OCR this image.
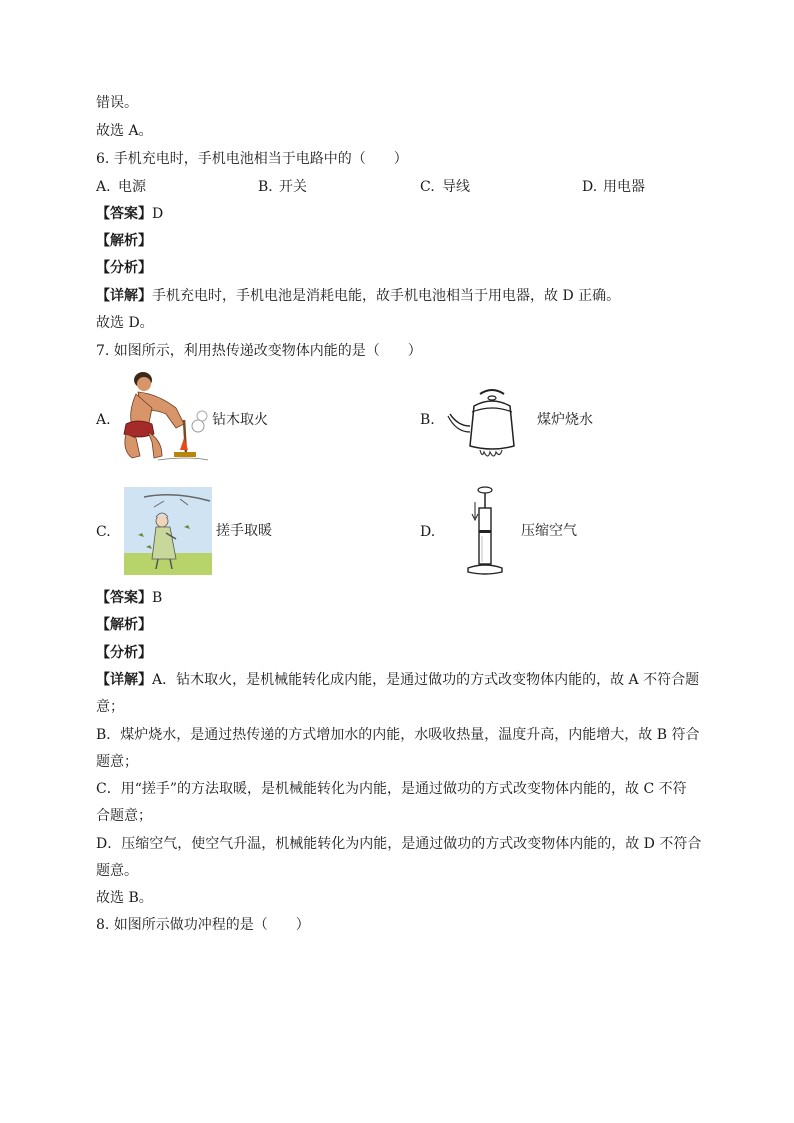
错误。
故选 A。
6. 手机充电时，手机电池相当于电路中的（　　）
A. 电源	B. 开关	C. 导线	D. 用电器
【答案】D
【解析】
【分析】
【详解】手机充电时，手机电池是消耗电能，故手机电池相当于用电器，故 D 正确。
故选 D。
7. 如图所示，利用热传递改变物体内能的是（　　）
A.	钻木取火	B.	煤炉烧水
C.	搓手取暖	D.	压缩空气
【答案】B
【解析】
【分析】
【详解】A．钻木取火，是机械能转化成内能，是通过做功的方式改变物体内能的，故 A 不符合题
意；
B．煤炉烧水，是通过热传递的方式增加水的内能，水吸收热量，温度升高，内能增大，故 B 符合
题意；
C．用“搓手”的方法取暖，是机械能转化为内能，是通过做功的方式改变物体内能的，故 C 不符
合题意；
D．压缩空气，使空气升温，机械能转化为内能，是通过做功的方式改变物体内能的，故 D 不符合
题意。
故选 B。
8. 如图所示做功冲程的是（　　）
